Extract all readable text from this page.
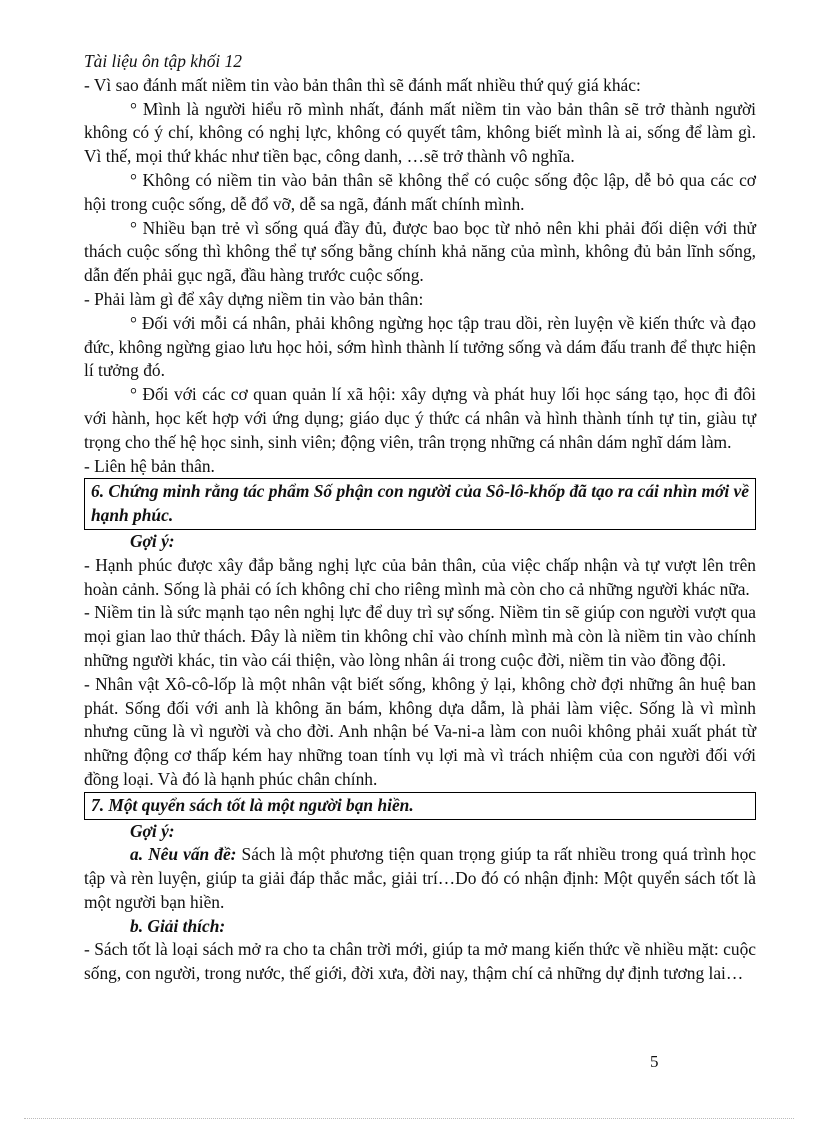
Tài liệu ôn tập khối 12

- Vì sao đánh mất niềm tin vào bản thân thì sẽ đánh mất nhiều thứ quý giá khác:

° Mình là người hiểu rõ mình nhất, đánh mất niềm tin vào bản thân sẽ trở thành người không có ý chí, không có nghị lực, không có quyết tâm, không biết mình là ai, sống để làm gì. Vì thế, mọi thứ khác như tiền bạc, công danh, …sẽ trở thành vô nghĩa.

° Không có niềm tin vào bản thân sẽ không thể có cuộc sống độc lập, dễ bỏ qua các cơ hội trong cuộc sống, dễ đổ vỡ, dễ sa ngã, đánh mất chính mình.

° Nhiều bạn trẻ vì sống quá đầy đủ, được bao bọc từ nhỏ nên khi phải đối diện với thử thách cuộc sống thì không thể tự sống bằng chính khả năng của mình, không đủ bản lĩnh sống, dẫn đến phải gục ngã, đầu hàng trước cuộc sống.

- Phải làm gì để xây dựng niềm tin vào bản thân:

° Đối với mỗi cá nhân, phải không ngừng học tập trau dồi, rèn luyện về kiến thức và đạo đức, không ngừng giao lưu học hỏi, sớm hình thành lí tưởng sống và dám đấu tranh để thực hiện lí tưởng đó.

° Đối với các cơ quan quản lí xã hội: xây dựng và phát huy lối học sáng tạo, học đi đôi với hành, học kết hợp với ứng dụng; giáo dục ý thức cá nhân và hình thành tính tự tin, giàu tự trọng cho thế hệ học sinh, sinh viên; động viên, trân trọng những cá nhân dám nghĩ dám làm.

- Liên hệ bản thân.

6. Chứng minh rằng tác phẩm Số phận con người của Sô-lô-khốp đã tạo ra cái nhìn mới về hạnh phúc.

Gợi ý:

- Hạnh phúc được xây đắp bằng nghị lực của bản thân, của việc chấp nhận và tự vượt lên trên hoàn cảnh. Sống là phải có ích không chỉ cho riêng mình mà còn cho cả những người khác nữa.

- Niềm tin là sức mạnh tạo nên nghị lực để duy trì sự sống. Niềm tin sẽ giúp con người vượt qua mọi gian lao thử thách. Đây là niềm tin không chỉ vào chính mình mà còn là niềm tin vào chính những người khác, tin vào cái thiện, vào lòng nhân ái trong cuộc đời, niềm tin vào đồng đội.

- Nhân vật Xô-cô-lốp là một nhân vật biết sống, không ỷ lại, không chờ đợi những ân huệ ban phát. Sống đối với anh là không ăn bám, không dựa dẫm, là phải làm việc. Sống là vì mình nhưng cũng là vì người và cho đời. Anh nhận bé Va-ni-a làm con nuôi không phải xuất phát từ những động cơ thấp kém hay những toan tính vụ lợi mà vì trách nhiệm của con người đối với đồng loại. Và đó là hạnh phúc chân chính.

7. Một quyển sách tốt là một người bạn hiền.

Gợi ý:

a. Nêu vấn đề: Sách là một phương tiện quan trọng giúp ta rất nhiều trong quá trình học tập và rèn luyện, giúp ta giải đáp thắc mắc, giải trí…Do đó có nhận định: Một quyển sách tốt là một người bạn hiền.

b. Giải thích:

- Sách tốt là loại sách mở ra cho ta chân trời mới, giúp ta mở mang kiến thức về nhiều mặt: cuộc sống, con người, trong nước, thế giới, đời xưa, đời nay, thậm chí cả những dự định tương lai…

5
